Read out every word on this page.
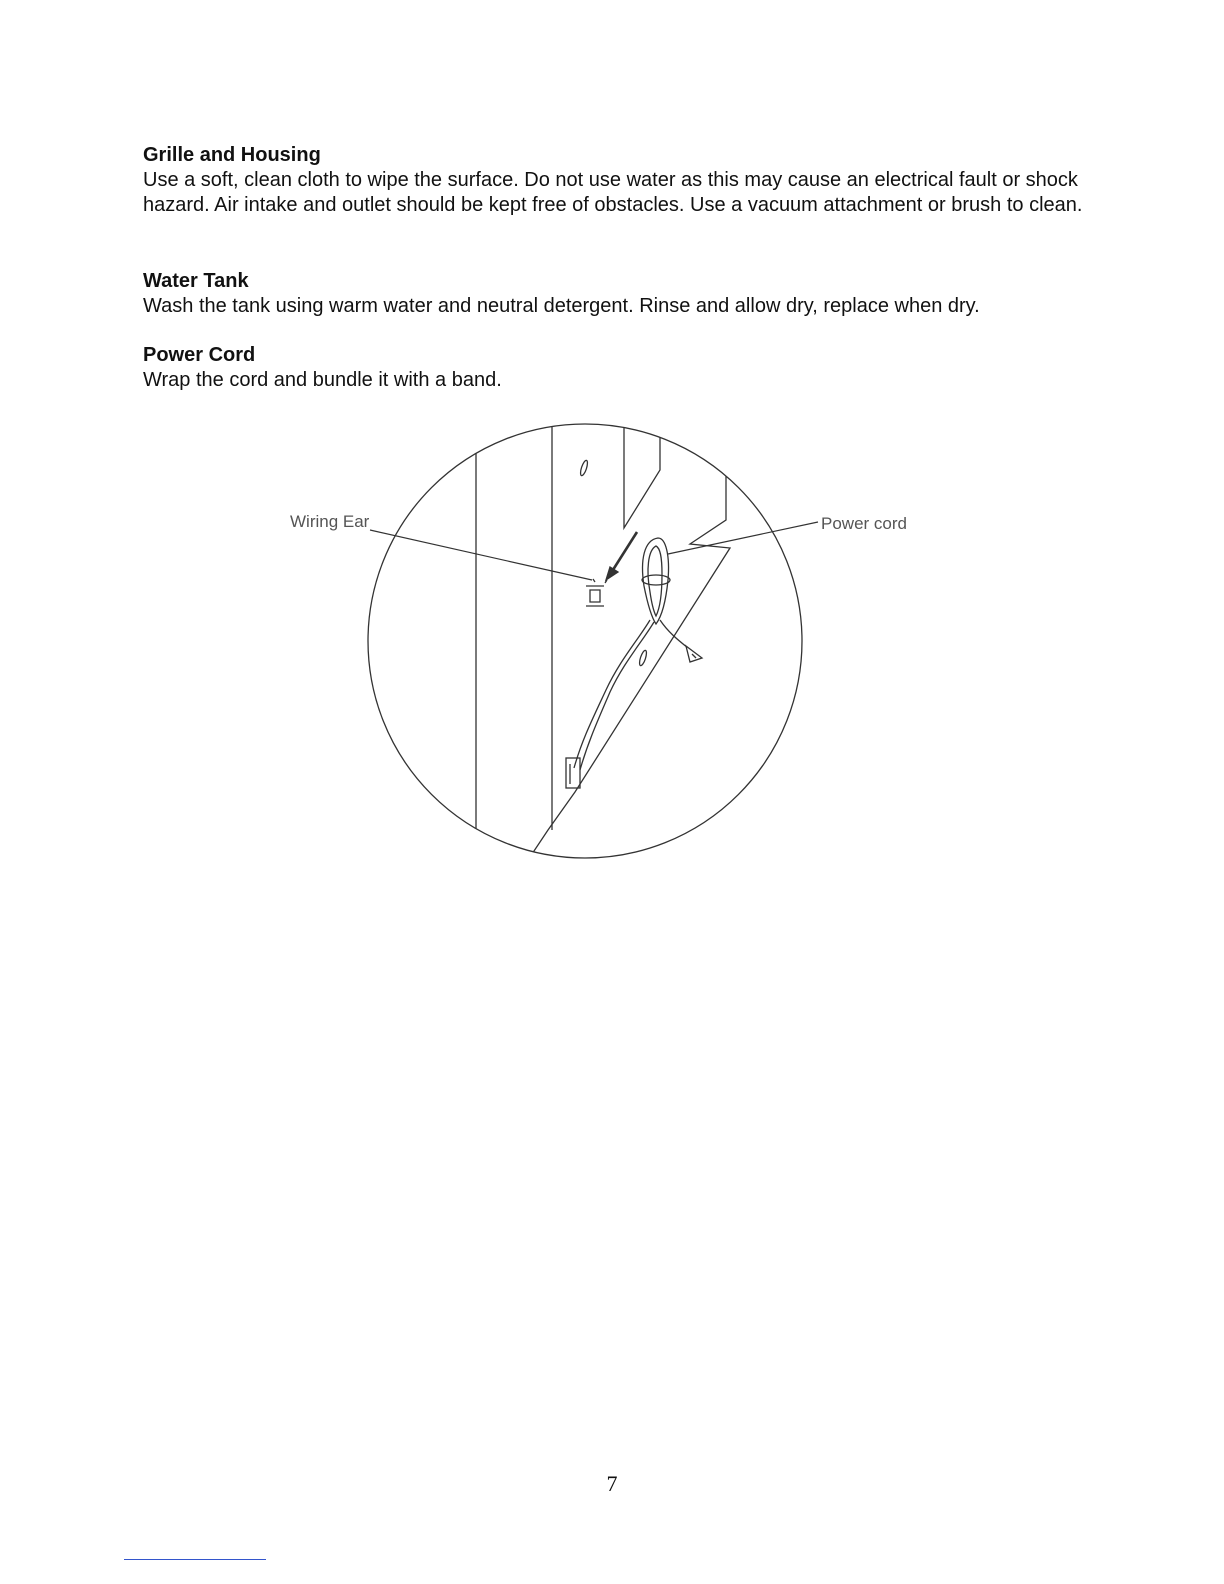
Grille and Housing

Use a soft, clean cloth to wipe the surface. Do not use water as this may cause an electrical fault or shock hazard. Air intake and outlet should be kept free of obstacles. Use a vacuum attachment or brush to clean.

Water Tank

Wash the tank using warm water and neutral detergent. Rinse and allow dry, replace when dry.

Power Cord

Wrap the cord and bundle it with a band.

Wiring Ear	Power cord
7
